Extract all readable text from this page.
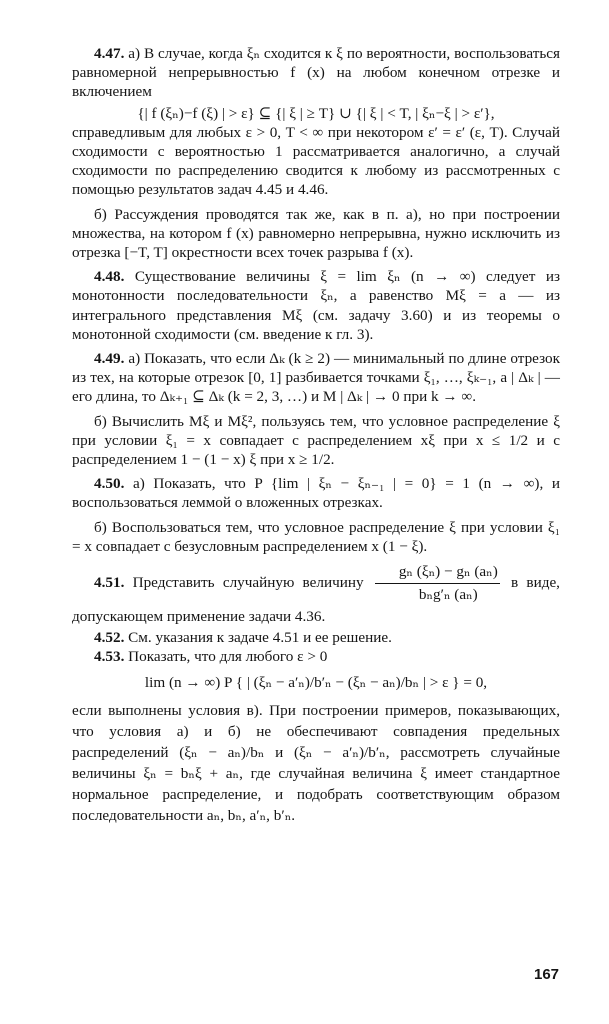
4.47. а) В случае, когда ξₙ сходится к ξ по вероятности, воспользоваться равномерной непрерывностью f (x) на любом конечном отрезке и включением

{| f (ξₙ)−f (ξ) | > ε} ⊆ {| ξ | ≥ T} ∪ {| ξ | < T, | ξₙ−ξ | > ε′},

справедливым для любых ε > 0, T < ∞ при некотором ε′ = ε′ (ε, T). Случай сходимости с вероятностью 1 рассматривается аналогично, а случай сходимости по распределению сводится к любому из рассмотренных с помощью результатов задач 4.45 и 4.46.

б) Рассуждения проводятся так же, как в п. а), но при построении множества, на котором f (x) равномерно непрерывна, нужно исключить из отрезка [−T, T] окрестности всех точек разрыва f (x).

4.48. Существование величины ξ = lim ξₙ (n → ∞) следует из монотонности последовательности ξₙ, а равенство Mξ = a — из интегрального представления Mξ (см. задачу 3.60) и из теоремы о монотонной сходимости (см. введение к гл. 3).

4.49. а) Показать, что если Δₖ (k ≥ 2) — минимальный по длине отрезок из тех, на которые отрезок [0, 1] разбивается точками ξ₁, …, ξₖ₋₁, а | Δₖ | — его длина, то Δₖ₊₁ ⊆ Δₖ (k = 2, 3, …) и M | Δₖ | → 0 при k → ∞.

б) Вычислить Mξ и Mξ², пользуясь тем, что условное распределение ξ при условии ξ₁ = x совпадает с распределением xξ при x ≤ 1/2 и с распределением 1 − (1 − x) ξ при x ≥ 1/2.

4.50. а) Показать, что P {lim | ξₙ − ξₙ₋₁ | = 0} = 1 (n → ∞), и воспользоваться леммой о вложенных отрезках.

б) Воспользоваться тем, что условное распределение ξ при условии ξ₁ = x совпадает с безусловным распределением x (1 − ξ).

4.51. Представить случайную величину $\frac{\text{gₙ (ξₙ) − gₙ (aₙ)}}{\text{bₙg′ₙ (aₙ)}}$ в виде, допускающем применение задачи 4.36.

4.52. См. указания к задаче 4.51 и ее решение.

4.53. Показать, что для любого ε > 0

lim (n → ∞) P { | (ξₙ − a′ₙ)/b′ₙ − (ξₙ − aₙ)/bₙ | > ε } = 0,

если выполнены условия в). При построении примеров, показывающих, что условия а) и б) не обеспечивают совпадения предельных распределений (ξₙ − aₙ)/bₙ и (ξₙ − a′ₙ)/b′ₙ, рассмотреть случайные величины ξₙ = bₙξ + aₙ, где случайная величина ξ имеет стандартное нормальное распределение, и подобрать соответствующим образом последовательности aₙ, bₙ, a′ₙ, b′ₙ.

167
